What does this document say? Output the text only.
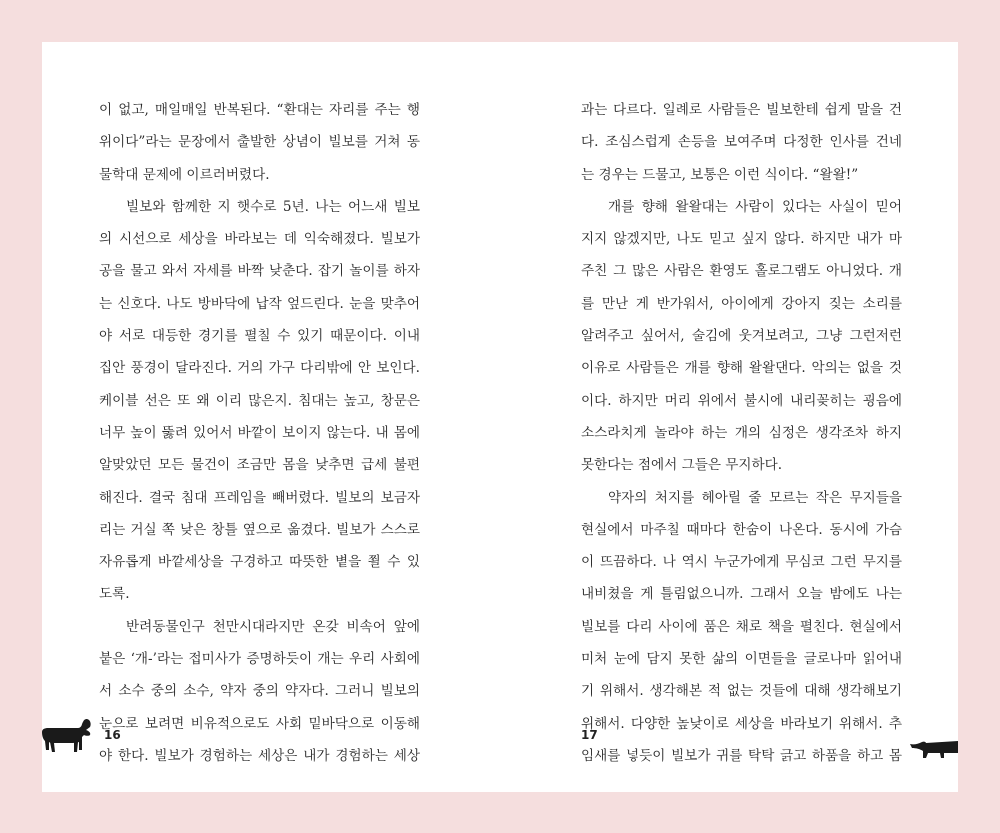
이 없고, 매일매일 반복된다. “환대는 자리를 주는 행
위이다”라는 문장에서 출발한 상념이 빌보를 거쳐 동
물학대 문제에 이르러버렸다.
빌보와 함께한 지 햇수로 5년. 나는 어느새 빌보
의 시선으로 세상을 바라보는 데 익숙해졌다. 빌보가
공을 물고 와서 자세를 바짝 낮춘다. 잡기 놀이를 하자
는 신호다. 나도 방바닥에 납작 엎드린다. 눈을 맞추어
야 서로 대등한 경기를 펼칠 수 있기 때문이다. 이내
집안 풍경이 달라진다. 거의 가구 다리밖에 안 보인다.
케이블 선은 또 왜 이리 많은지. 침대는 높고, 창문은
너무 높이 뚫려 있어서 바깥이 보이지 않는다. 내 몸에
알맞았던 모든 물건이 조금만 몸을 낮추면 급세 불편
해진다. 결국 침대 프레임을 빼버렸다. 빌보의 보금자
리는 거실 쪽 낮은 창틀 옆으로 옮겼다. 빌보가 스스로
자유롭게 바깥세상을 구경하고 따뜻한 볕을 쬘 수 있
도록.
반려동물인구 천만시대라지만 온갖 비속어 앞에
붙은 ‘개-’라는 접미사가 증명하듯이 개는 우리 사회에
서 소수 중의 소수, 약자 중의 약자다. 그러니 빌보의
눈으로 보려면 비유적으로도 사회 밑바닥으로 이동해
야 한다. 빌보가 경험하는 세상은 내가 경험하는 세상
16
과는 다르다. 일례로 사람들은 빌보한테 쉽게 말을 건
다. 조심스럽게 손등을 보여주며 다정한 인사를 건네
는 경우는 드물고, 보통은 이런 식이다. “왈왈!”
개를 향해 왈왈대는 사람이 있다는 사실이 믿어
지지 않겠지만, 나도 믿고 싶지 않다. 하지만 내가 마
주친 그 많은 사람은 환영도 홀로그램도 아니었다. 개
를 만난 게 반가워서, 아이에게 강아지 짖는 소리를
알려주고 싶어서, 술김에 웃겨보려고, 그냥 그런저런
이유로 사람들은 개를 향해 왈왈댄다. 악의는 없을 것
이다. 하지만 머리 위에서 불시에 내리꽂히는 굉음에
소스라치게 놀라야 하는 개의 심정은 생각조차 하지
못한다는 점에서 그들은 무지하다.
약자의 처지를 헤아릴 줄 모르는 작은 무지들을
현실에서 마주칠 때마다 한숨이 나온다. 동시에 가슴
이 뜨끔하다. 나 역시 누군가에게 무심코 그런 무지를
내비쳤을 게 틀림없으니까. 그래서 오늘 밤에도 나는
빌보를 다리 사이에 품은 채로 책을 펼친다. 현실에서
미처 눈에 담지 못한 삶의 이면들을 글로나마 읽어내
기 위해서. 생각해본 적 없는 것들에 대해 생각해보기
위해서. 다양한 높낮이로 세상을 바라보기 위해서. 추
임새를 넣듯이 빌보가 귀를 탁탁 긁고 하품을 하고 몸
17
